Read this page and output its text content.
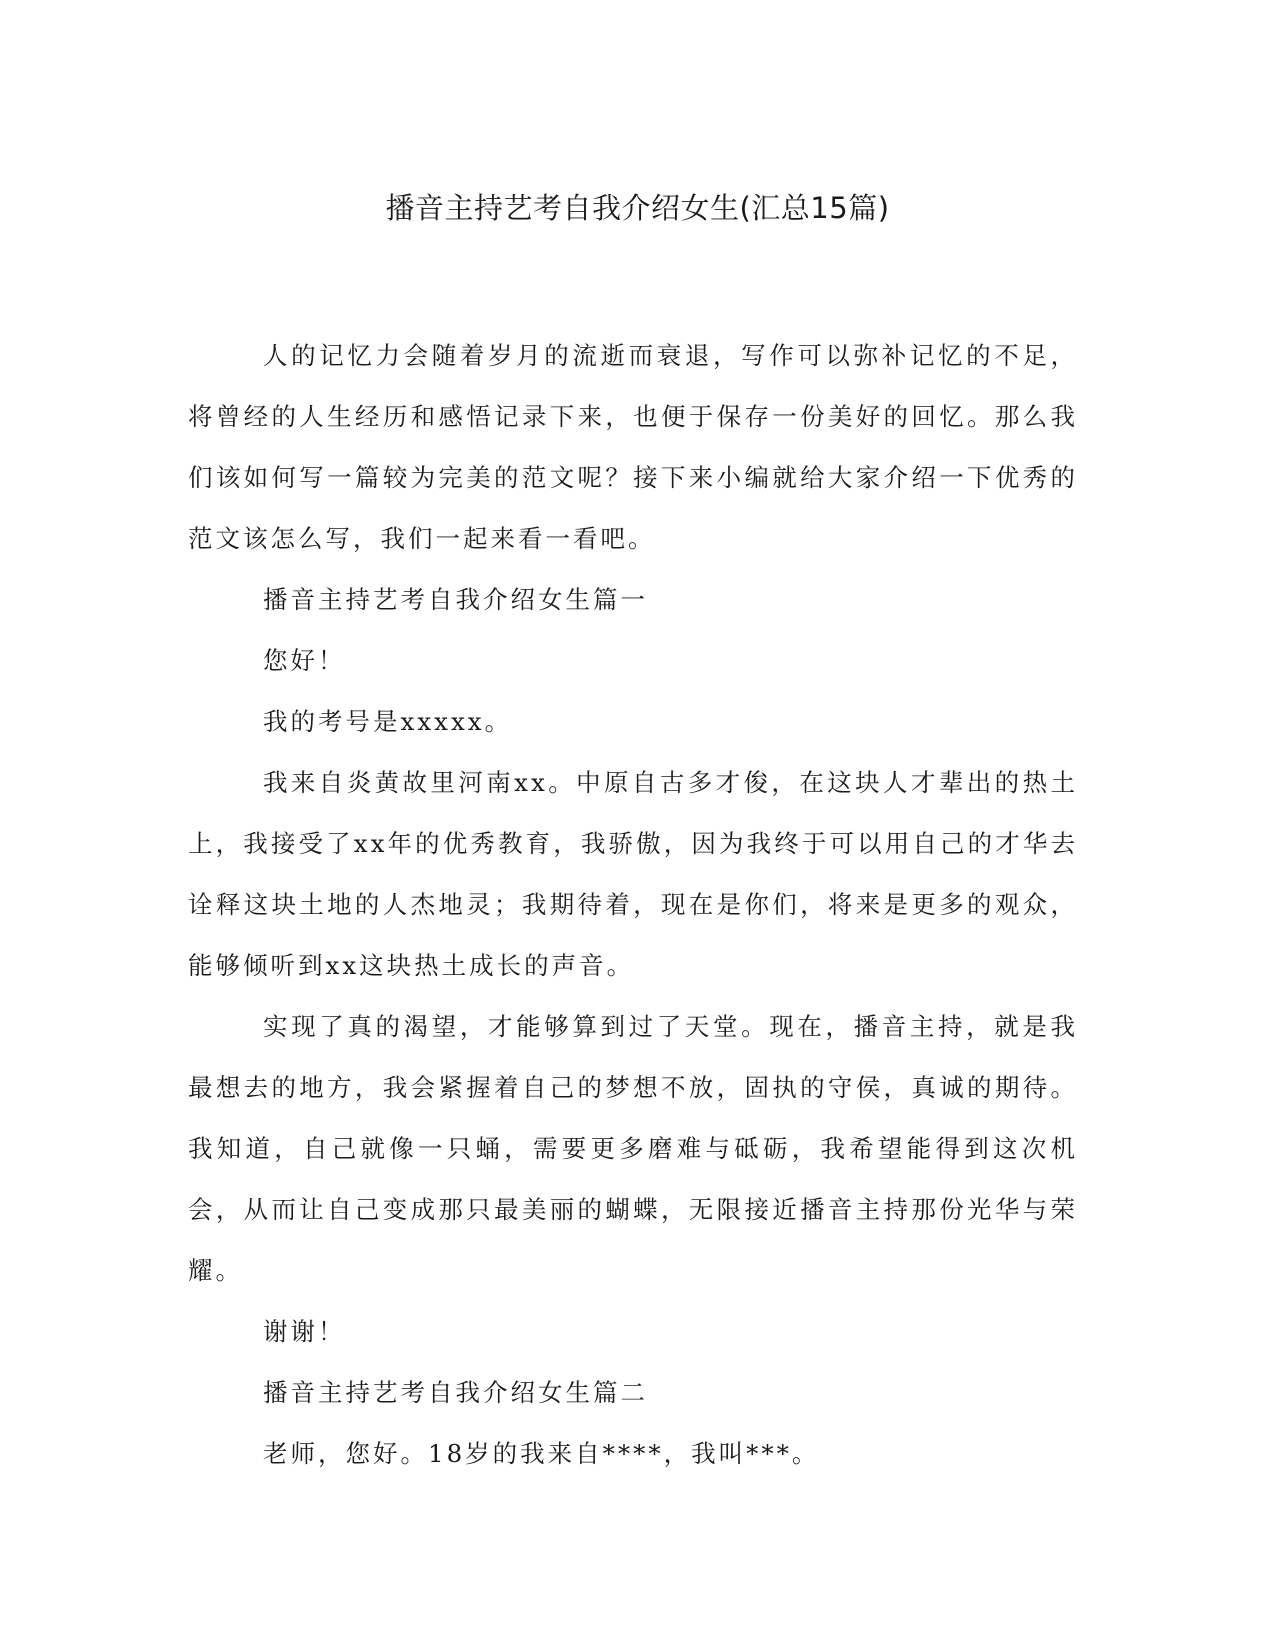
播音主持艺考自我介绍女生(汇总15篇)

人的记忆力会随着岁月的流逝而衰退，写作可以弥补记忆的不足，将曾经的人生经历和感悟记录下来，也便于保存一份美好的回忆。那么我们该如何写一篇较为完美的范文呢？接下来小编就给大家介绍一下优秀的范文该怎么写，我们一起来看一看吧。

播音主持艺考自我介绍女生篇一

您好！

我的考号是xxxxx。

我来自炎黄故里河南xx。中原自古多才俊，在这块人才辈出的热土上，我接受了xx年的优秀教育，我骄傲，因为我终于可以用自己的才华去诠释这块土地的人杰地灵；我期待着，现在是你们，将来是更多的观众，能够倾听到xx这块热土成长的声音。

实现了真的渴望，才能够算到过了天堂。现在，播音主持，就是我最想去的地方，我会紧握着自己的梦想不放，固执的守侯，真诚的期待。我知道，自己就像一只蛹，需要更多磨难与砥砺，我希望能得到这次机会，从而让自己变成那只最美丽的蝴蝶，无限接近播音主持那份光华与荣耀。

谢谢！

播音主持艺考自我介绍女生篇二

老师，您好。18岁的我来自****，我叫***。
